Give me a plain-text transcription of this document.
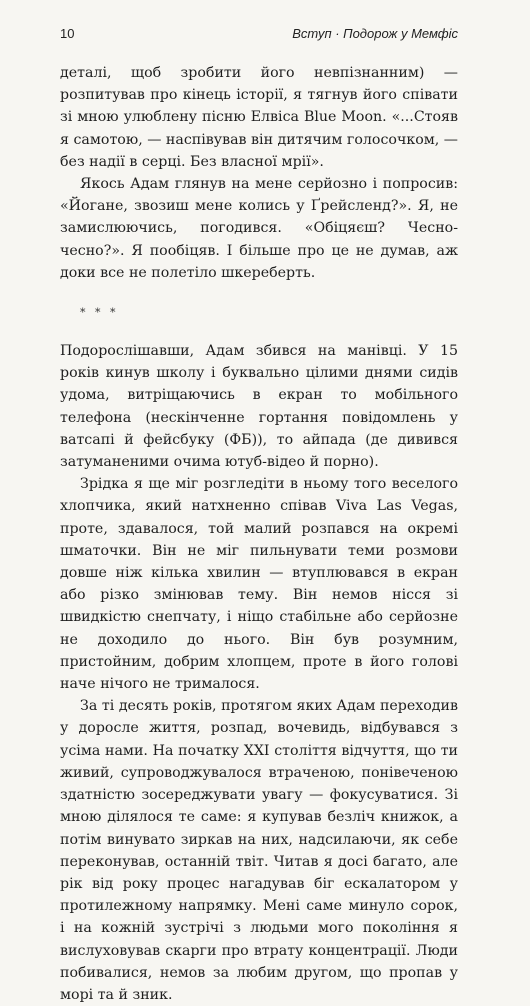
10	Вступ · Подорож у Мемфіс

деталі, щоб зробити його невпізнанним) — розпитував про кінець історії, я тягнув його співати зі мною улюблену пісню Елвіса Blue Moon. «...Стояв я самотою, — наспівував він дитячим голосочком, — без надії в серці. Без власної мрії».

Якось Адам глянув на мене серйозно і попросив: «Йогане, звозиш мене колись у Ґрейсленд?». Я, не замислюючись, погодився. «Обіцяєш? Чесно-чесно?». Я пообіцяв. І більше про це не думав, аж доки все не полетіло шкереберть.

* * *

Подорослішавши, Адам збився на манівці. У 15 років кинув школу і буквально цілими днями сидів удома, витріщаючись в екран то мобільного телефона (нескінченне гортання повідомлень у ватсапі й фейсбуку (ФБ)), то айпада (де дивився затуманеними очима ютуб-відео й порно).

Зрідка я ще міг розгледіти в ньому того веселого хлопчика, який натхненно співав Viva Las Vegas, проте, здавалося, той малий розпався на окремі шматочки. Він не міг пильнувати теми розмови довше ніж кілька хвилин — втуплювався в екран або різко змінював тему. Він немов нісся зі швидкістю снепчату, і ніщо стабільне або серйозне не доходило до нього. Він був розумним, пристойним, добрим хлопцем, проте в його голові наче нічого не трималося.

За ті десять років, протягом яких Адам переходив у доросле життя, розпад, вочевидь, відбувався з усіма нами. На початку XXI століття відчуття, що ти живий, супроводжувалося втраченою, понівеченою здатністю зосереджувати увагу — фокусуватися. Зі мною ділялося те саме: я купував безліч книжок, а потім винувато зиркав на них, надсилаючи, як себе переконував, останній твіт. Читав я досі багато, але рік від року процес нагадував біг ескалатором у протилежному напрямку. Мені саме минуло сорок, і на кожній зустрічі з людьми мого покоління я вислуховував скарги про втрату концентрації. Люди побивалися, немов за любим другом, що пропав у морі та й зник.
